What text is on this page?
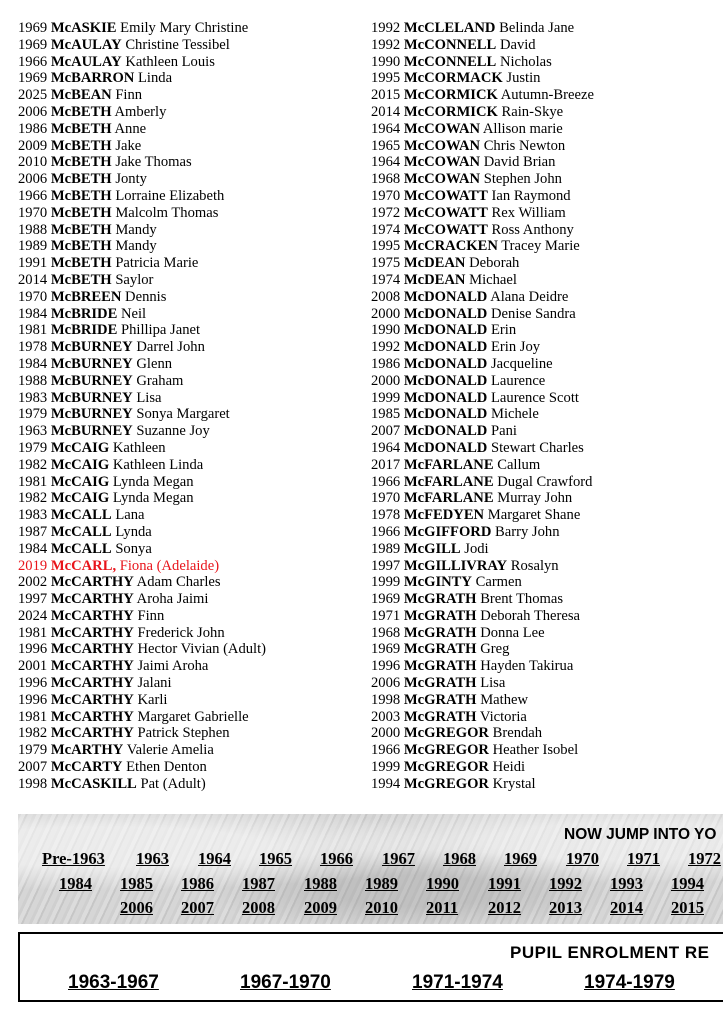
1969 McASKIE Emily Mary Christine
1969 McAULAY Christine Tessibel
1966 McAULAY Kathleen Louis
1969 McBARRON Linda
2025 McBEAN Finn
2006 McBETH Amberly
1986 McBETH Anne
2009 McBETH Jake
2010 McBETH Jake Thomas
2006 McBETH Jonty
1966 McBETH Lorraine Elizabeth
1970 McBETH Malcolm Thomas
1988 McBETH Mandy
1989 McBETH Mandy
1991 McBETH Patricia Marie
2014 McBETH Saylor
1970 McBREEN Dennis
1984 McBRIDE Neil
1981 McBRIDE Phillipa Janet
1978 McBURNEY Darrel John
1984 McBURNEY Glenn
1988 McBURNEY Graham
1983 McBURNEY Lisa
1979 McBURNEY Sonya Margaret
1963 McBURNEY Suzanne Joy
1979 McCAIG Kathleen
1982 McCAIG Kathleen Linda
1981 McCAIG Lynda Megan
1982 McCAIG Lynda Megan
1983 McCALL Lana
1987 McCALL Lynda
1984 McCALL Sonya
2019 McCARL, Fiona (Adelaide)
2002 McCARTHY Adam Charles
1997 McCARTHY Aroha Jaimi
2024 McCARTHY Finn
1981 McCARTHY Frederick John
1996 McCARTHY Hector Vivian (Adult)
2001 McCARTHY Jaimi Aroha
1996 McCARTHY Jalani
1996 McCARTHY Karli
1981 McCARTHY Margaret Gabrielle
1982 McCARTHY Patrick Stephen
1979 McARTHY Valerie Amelia
2007 McCARTY Ethen Denton
1998 McCASKILL Pat (Adult)
1992 McCLELAND Belinda Jane
1992 McCONNELL David
1990 McCONNELL Nicholas
1995 McCORMACK Justin
2015 McCORMICK Autumn-Breeze
2014 McCORMICK Rain-Skye
1964 McCOWAN Allison marie
1965 McCOWAN Chris Newton
1964 McCOWAN David Brian
1968 McCOWAN Stephen John
1970 McCOWATT Ian Raymond
1972 McCOWATT Rex William
1974 McCOWATT Ross Anthony
1995 McCRACKEN Tracey Marie
1975 McDEAN Deborah
1974 McDEAN Michael
2008 McDONALD Alana Deidre
2000 McDONALD Denise Sandra
1990 McDONALD Erin
1992 McDONALD Erin Joy
1986 McDONALD Jacqueline
2000 McDONALD Laurence
1999 McDONALD Laurence Scott
1985 McDONALD Michele
2007 McDONALD Pani
1964 McDONALD Stewart Charles
2017 McFARLANE Callum
1966 McFARLANE Dugal Crawford
1970 McFARLANE Murray John
1978 McFEDYEN Margaret Shane
1966 McGIFFORD Barry John
1989 McGILL Jodi
1997 McGILLIVRAY Rosalyn
1999 McGINTY Carmen
1969 McGRATH Brent Thomas
1971 McGRATH Deborah Theresa
1968 McGRATH Donna Lee
1969 McGRATH Greg
1996 McGRATH Hayden Takirua
2006 McGRATH Lisa
1998 McGRATH Mathew
2003 McGRATH Victoria
2000 McGREGOR Brendah
1966 McGREGOR Heather Isobel
1999 McGREGOR Heidi
1994 McGREGOR Krystal
NOW JUMP INTO YO
Pre-1963 1963 1964 1965 1966 1967 1968 1969 1970 1971 1972
1984 1985 1986 1987 1988 1989 1990 1991 1992 1993 1994
2006 2007 2008 2009 2010 2011 2012 2013 2014 2015
PUPIL ENROLMENT RE
1963-1967	1967-1970	1971-1974	1974-1979
